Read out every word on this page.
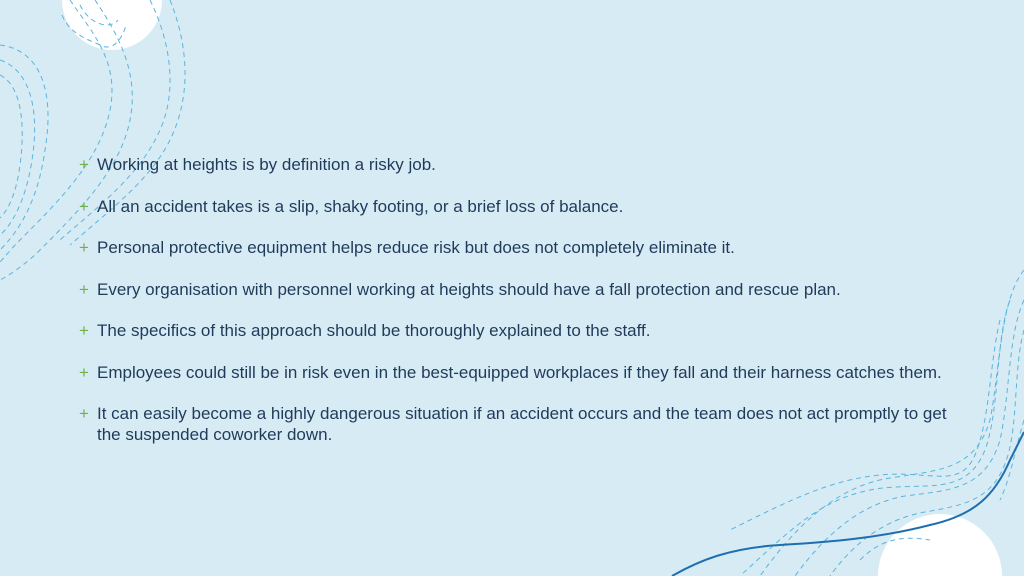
+ Working at heights is by definition a risky job.
+ All an accident takes is a slip, shaky footing, or a brief loss of balance.
+ Personal protective equipment helps reduce risk but does not completely eliminate it.
+ Every organisation with personnel working at heights should have a fall protection and rescue plan.
+ The specifics of this approach should be thoroughly explained to the staff.
+ Employees could still be in risk even in the best-equipped workplaces if they fall and their harness catches them.
+ It can easily become a highly dangerous situation if an accident occurs and the team does not act promptly to get the suspended coworker down.
